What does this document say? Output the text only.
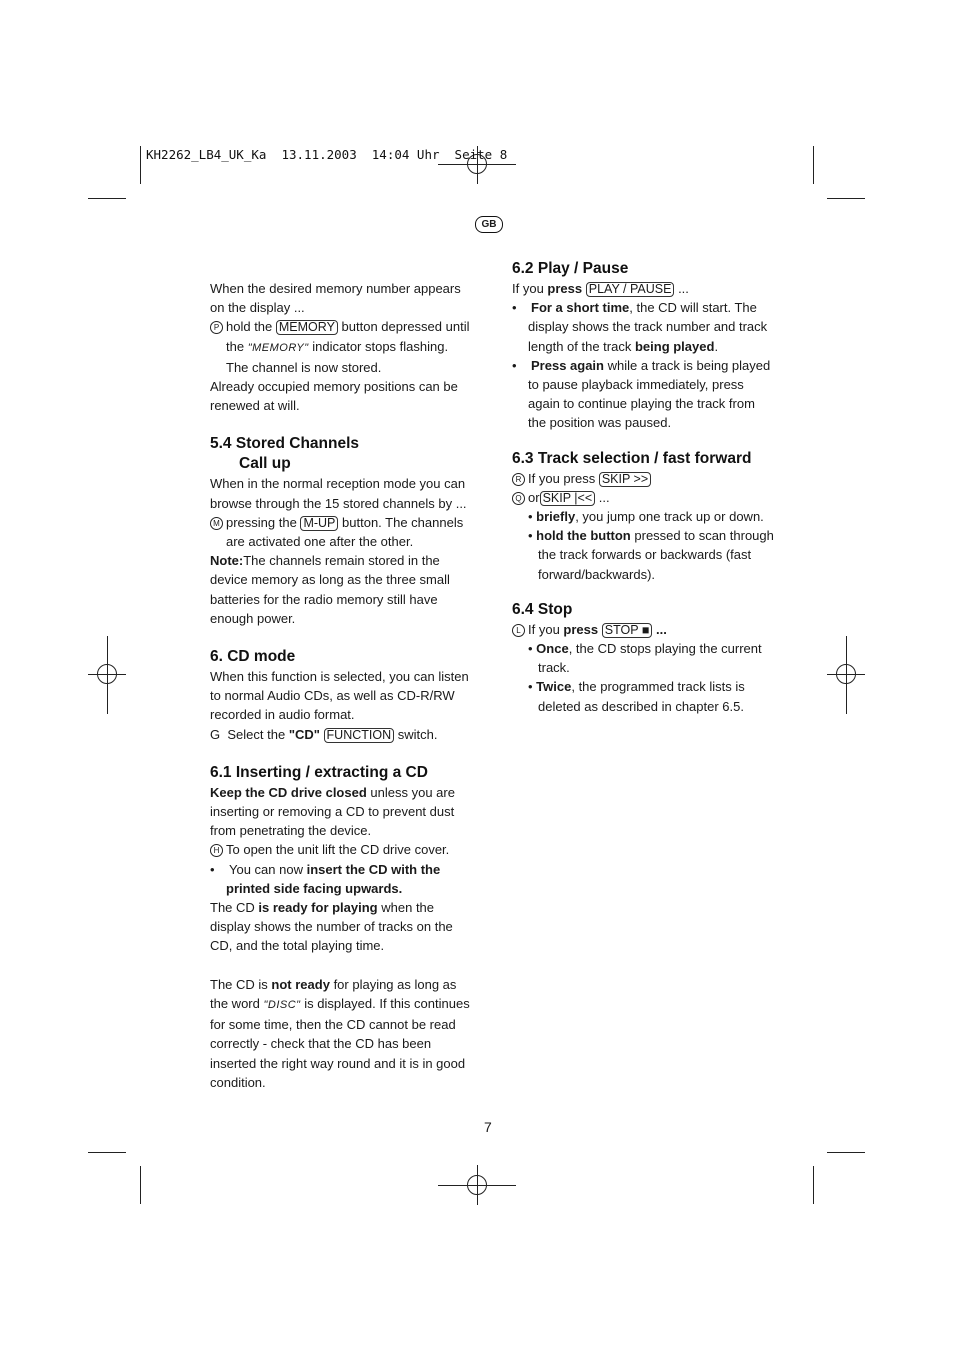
KH2262_LB4_UK_Ka  13.11.2003  14:04 Uhr  Seite 8
GB

When the desired memory number appears on the display ...

P hold the MEMORY button depressed until the "MEMORY" indicator stops flashing. The channel is now stored.

Already occupied memory positions can be renewed at will.

5.4 Stored Channels
Call up

When in the normal reception mode you can browse through the 15 stored channels by ...

M pressing the M-UP button. The channels are activated one after the other.

Note:The channels remain stored in the device memory as long as the three small batteries for the radio memory still have enough power.

6. CD mode

When this function is selected, you can listen to normal Audio CDs, as well as CD-R/RW recorded in audio format.

G Select the "CD" FUNCTION switch.

6.1 Inserting / extracting a CD

Keep the CD drive closed unless you are inserting or removing a CD to prevent dust from penetrating the device.

H To open the unit lift the CD drive cover.

•    You can now insert the CD with the printed side facing upwards.

The CD is ready for playing when the display shows the number of tracks on the CD, and the total playing time.

The CD is not ready for playing as long as the word "DISC" is displayed. If this continues for some time, then the CD cannot be read correctly - check that the CD has been inserted the right way round and it is in good condition.

6.2 Play / Pause

If you press PLAY / PAUSE ...

•    For a short time, the CD will start. The display shows the track number and track length of the track being played.

•    Press again while a track is being played to pause playback immediately, press again to continue playing the track from the position was paused.

6.3 Track selection / fast forward

R If you press SKIP >>

Q or SKIP |<< ...

• briefly, you jump one track up or down.

• hold the button pressed to scan through the track forwards or backwards (fast forward/backwards).

6.4 Stop

L If you press STOP ■ ...

• Once, the CD stops playing the current track.

• Twice, the programmed track lists is deleted as described in chapter 6.5.

7
